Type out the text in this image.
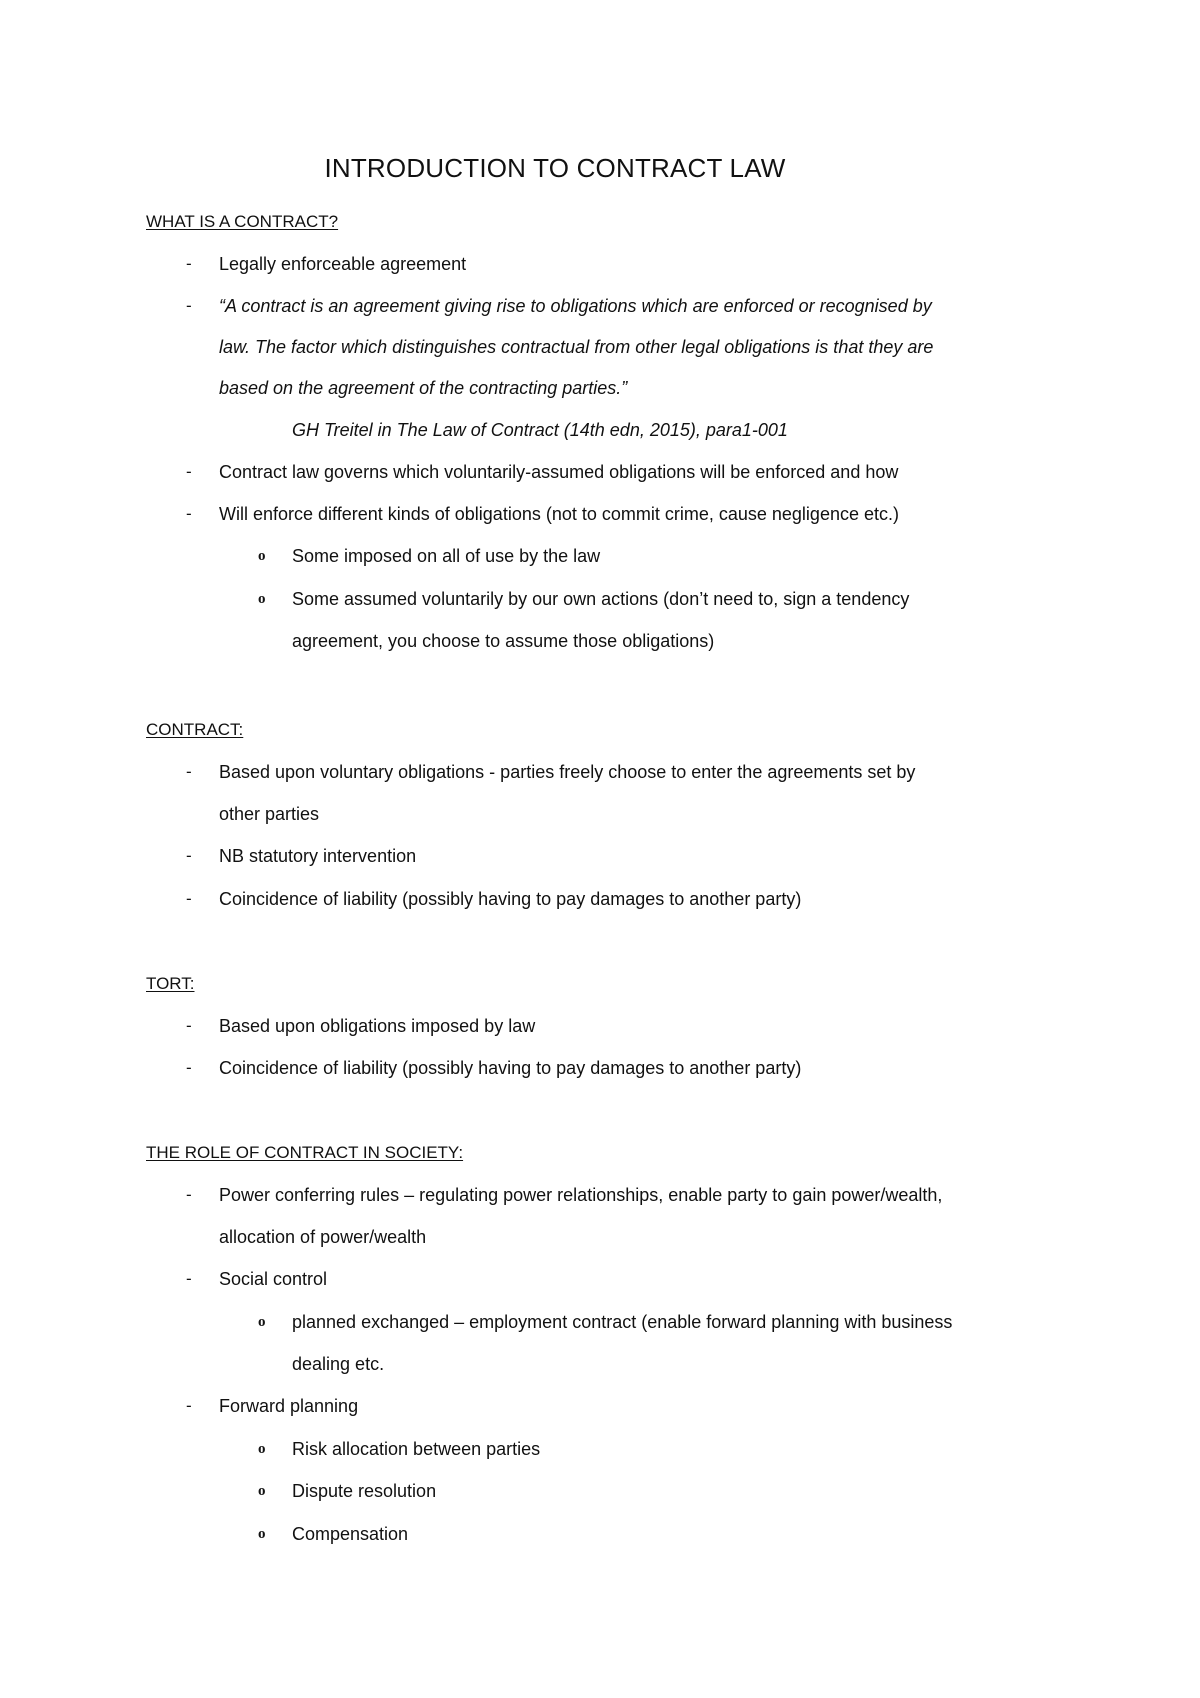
INTRODUCTION TO CONTRACT LAW
WHAT IS A CONTRACT?
- Legally enforceable agreement

- “A contract is an agreement giving rise to obligations which are enforced or recognised by

law. The factor which distinguishes contractual from other legal obligations is that they are

based on the agreement of the contracting parties.”

GH Treitel in The Law of Contract (14th edn, 2015), para1-001

- Contract law governs which voluntarily-assumed obligations will be enforced and how

- Will enforce different kinds of obligations (not to commit crime, cause negligence etc.)

o Some imposed on all of use by the law

o Some assumed voluntarily by our own actions (don’t need to, sign a tendency

agreement, you choose to assume those obligations)

CONTRACT:
- Based upon voluntary obligations - parties freely choose to enter the agreements set by

other parties

- NB statutory intervention

- Coincidence of liability (possibly having to pay damages to another party)

TORT:
- Based upon obligations imposed by law

- Coincidence of liability (possibly having to pay damages to another party)

THE ROLE OF CONTRACT IN SOCIETY:
- Power conferring rules – regulating power relationships, enable party to gain power/wealth,

allocation of power/wealth

- Social control

o planned exchanged – employment contract (enable forward planning with business

dealing etc.

- Forward planning

o Risk allocation between parties

o Dispute resolution

o Compensation
